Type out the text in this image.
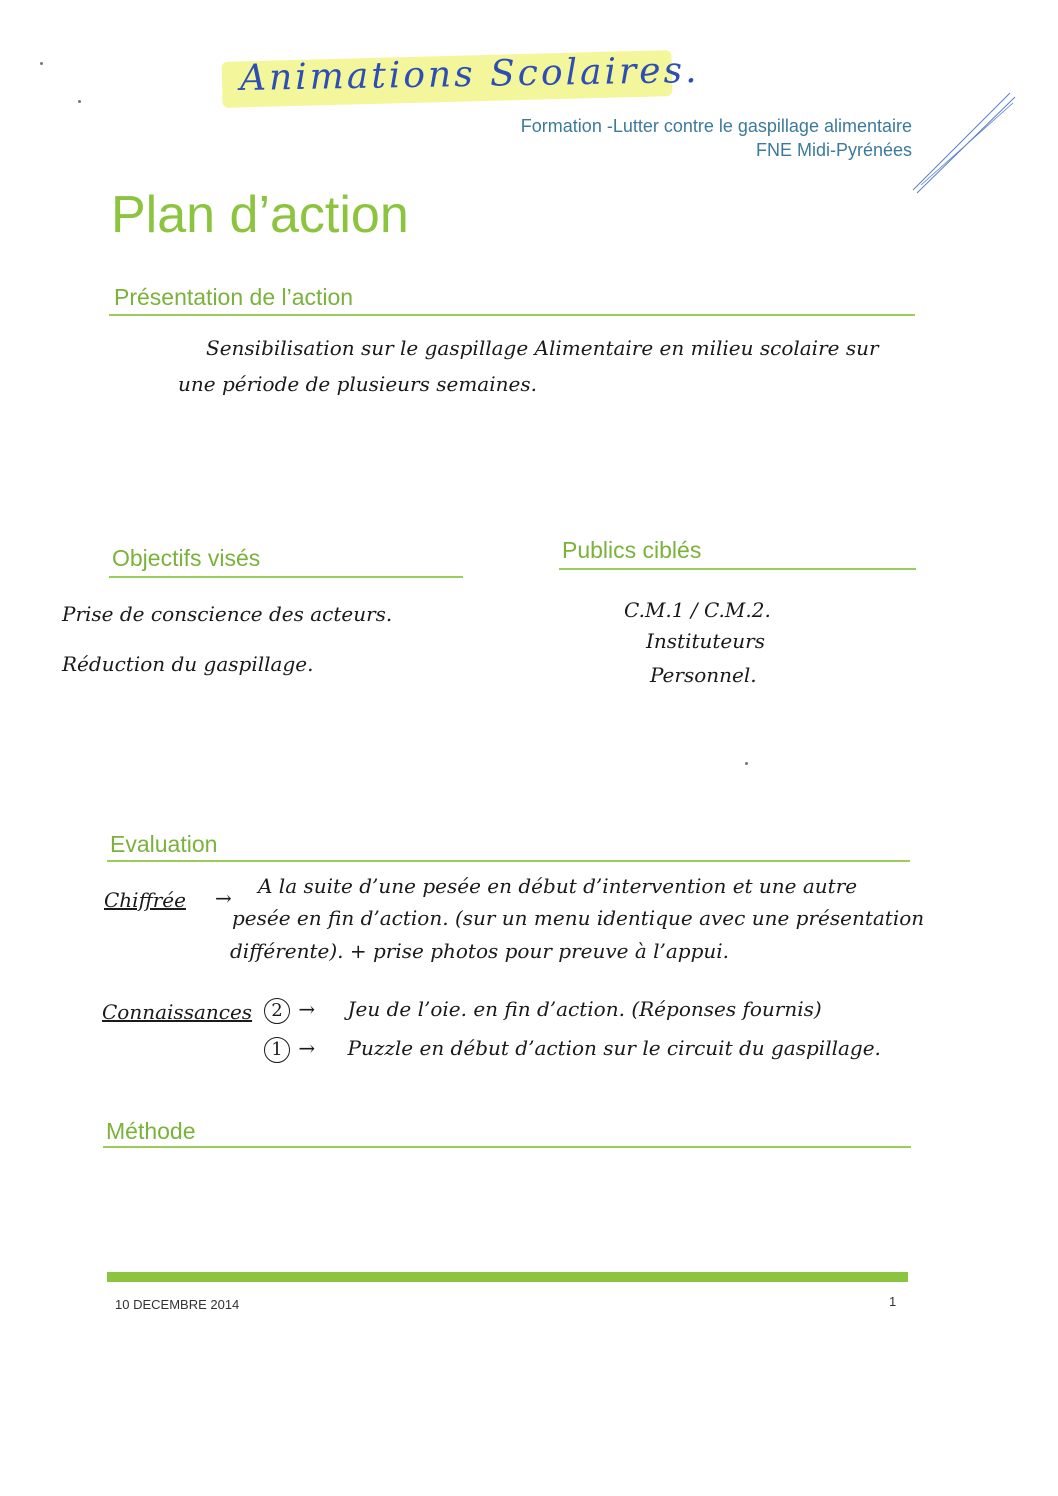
Animations Scolaires.
Formation -Lutter contre le gaspillage alimentaire
FNE Midi-Pyrénées
Plan d’action
Présentation de l’action
Sensibilisation sur le gaspillage Alimentaire en milieu scolaire sur
une période de plusieurs semaines.
Objectifs visés
Prise de conscience des acteurs.
Réduction du gaspillage.
Publics ciblés
C.M.1 / C.M.2.
Instituteurs
Personnel.
Evaluation
Chiffrée → A la suite d’une pesée en début d’intervention et une autre
pesée en fin d’action. (sur un menu identique avec une présentation
différente). + prise photos pour preuve à l’appui.
Connaissances	2 → Jeu de l’oie. en fin d’action. (Réponses fournis)
1 → Puzzle en début d’action sur le circuit du gaspillage.
Méthode
10 DECEMBRE 2014	1
